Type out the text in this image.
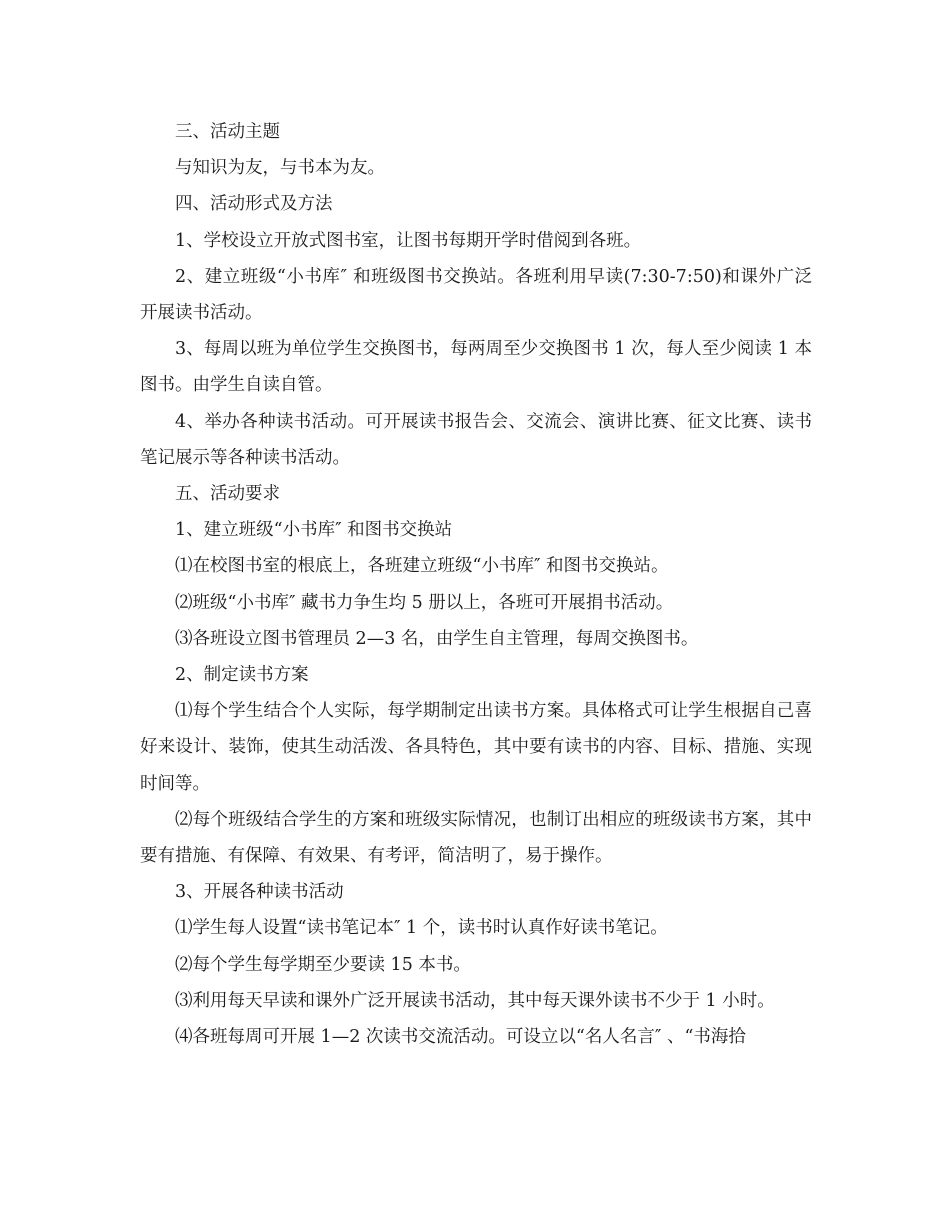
三、活动主题

与知识为友，与书本为友。

四、活动形式及方法

1、学校设立开放式图书室，让图书每期开学时借阅到各班。

2、建立班级“小书库″ 和班级图书交换站。各班利用早读(7:30-7:50)和课外广泛开展读书活动。

3、每周以班为单位学生交换图书，每两周至少交换图书 1 次，每人至少阅读 1 本图书。由学生自读自管。

4、举办各种读书活动。可开展读书报告会、交流会、演讲比赛、征文比赛、读书笔记展示等各种读书活动。

五、活动要求

1、建立班级“小书库″ 和图书交换站

⑴在校图书室的根底上，各班建立班级“小书库″ 和图书交换站。

⑵班级“小书库″ 藏书力争生均 5 册以上，各班可开展捐书活动。

⑶各班设立图书管理员 2—3 名，由学生自主管理，每周交换图书。

2、制定读书方案

⑴每个学生结合个人实际，每学期制定出读书方案。具体格式可让学生根据自己喜好来设计、装饰，使其生动活泼、各具特色，其中要有读书的内容、目标、措施、实现时间等。

⑵每个班级结合学生的方案和班级实际情况，也制订出相应的班级读书方案，其中要有措施、有保障、有效果、有考评，简洁明了，易于操作。

3、开展各种读书活动

⑴学生每人设置“读书笔记本″ 1 个，读书时认真作好读书笔记。

⑵每个学生每学期至少要读 15 本书。

⑶利用每天早读和课外广泛开展读书活动，其中每天课外读书不少于 1 小时。

⑷各班每周可开展 1—2 次读书交流活动。可设立以“名人名言″ 、“书海拾
